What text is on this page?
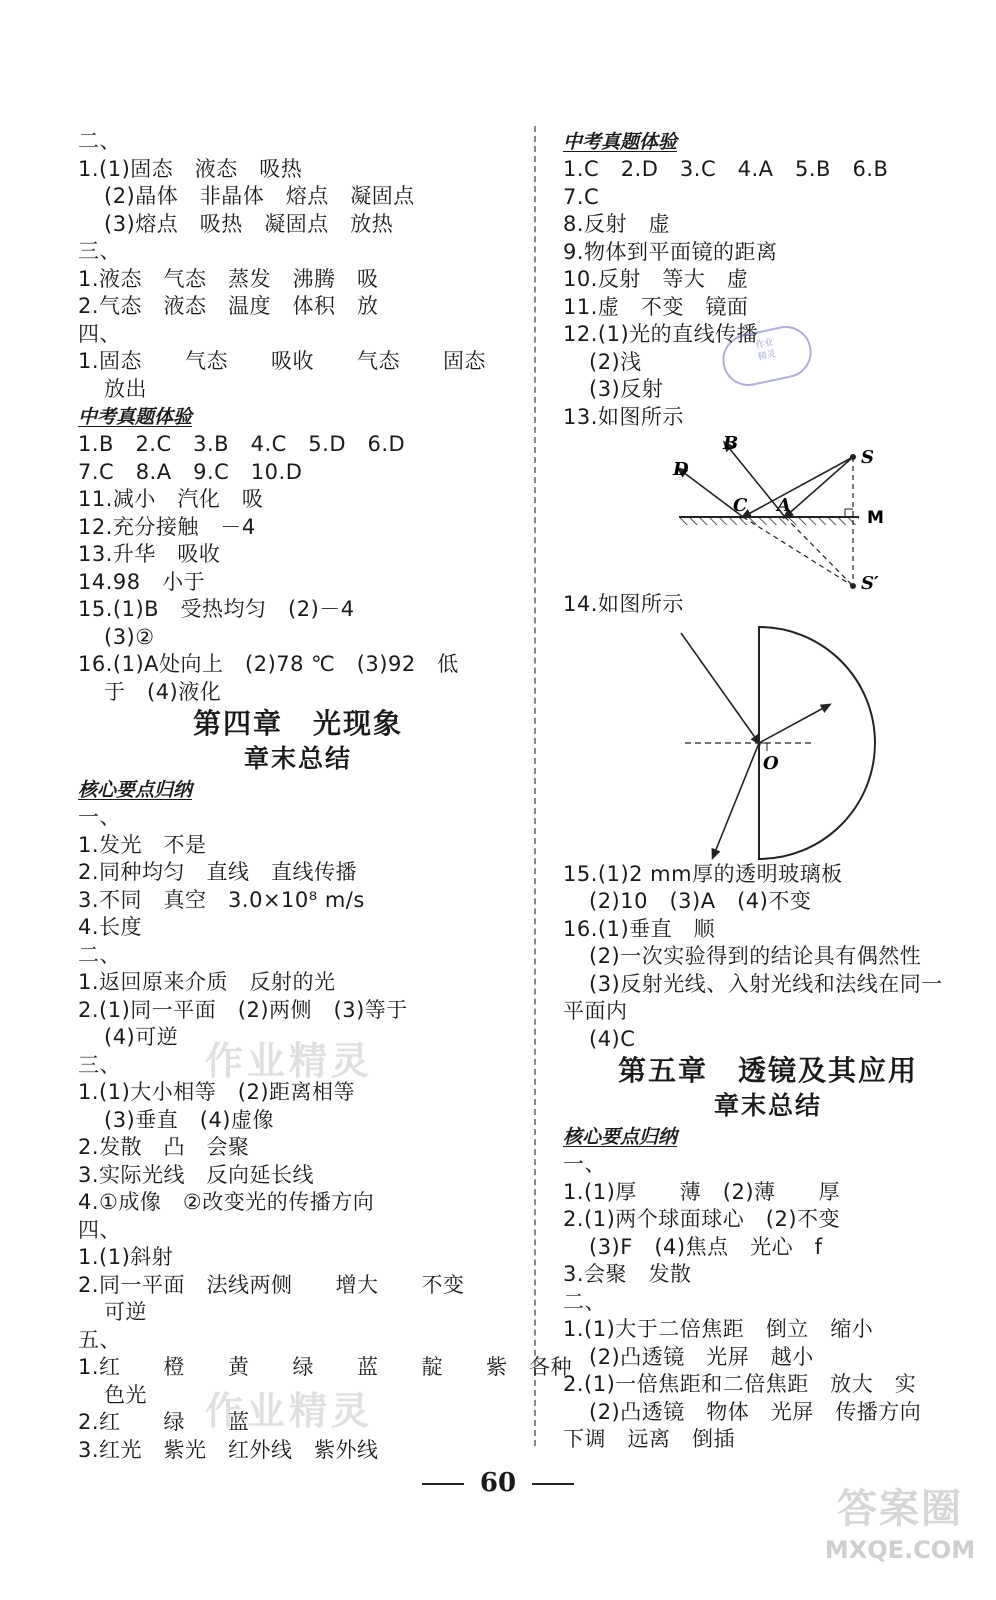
二、
1.(1)固态　液态　吸热
(2)晶体　非晶体　熔点　凝固点
(3)熔点　吸热　凝固点　放热
三、
1.液态　气态　蒸发　沸腾　吸
2.气态　液态　温度　体积　放
四、
1.固态　　气态　　吸收　　气态　　固态
放出
中考真题体验
1.B　2.C　3.B　4.C　5.D　6.D
7.C　8.A　9.C　10.D
11.减小　汽化　吸
12.充分接触　－4
13.升华　吸收
14.98　小于
15.(1)B　受热均匀　(2)－4
(3)②
16.(1)A处向上　(2)78 ℃　(3)92　低
于　(4)液化
第四章　光现象
章末总结
核心要点归纳
一、
1.发光　不是
2.同种均匀　直线　直线传播
3.不同　真空　3.0×10⁸ m/s
4.长度
二、
1.返回原来介质　反射的光
2.(1)同一平面　(2)两侧　(3)等于
(4)可逆
三、
1.(1)大小相等　(2)距离相等
(3)垂直　(4)虚像
2.发散　凸　会聚
3.实际光线　反向延长线
4.①成像　②改变光的传播方向
四、
1.(1)斜射
2.同一平面　法线两侧　　增大　　不变
可逆
五、
1.红　　橙　　黄　　绿　　蓝　　靛　　紫　各种
色光
2.红　　绿　　蓝
3.红光　紫光　红外线　紫外线
中考真题体验
1.C　2.D　3.C　4.A　5.B　6.B
7.C
8.反射　虚
9.物体到平面镜的距离
10.反射　等大　虚
11.虚　不变　镜面
12.(1)光的直线传播
(2)浅
(3)反射
13.如图所示
B
D
C A
S
M
S′
14.如图所示
O
15.(1)2 mm厚的透明玻璃板
(2)10　(3)A　(4)不变
16.(1)垂直　顺
(2)一次实验得到的结论具有偶然性
(3)反射光线、入射光线和法线在同一
平面内
(4)C
第五章　透镜及其应用
章末总结
核心要点归纳
一、
1.(1)厚　　薄　(2)薄　　厚
2.(1)两个球面球心　(2)不变
(3)F　(4)焦点　光心　f
3.会聚　发散
二、
1.(1)大于二倍焦距　倒立　缩小
(2)凸透镜　光屏　越小
2.(1)一倍焦距和二倍焦距　放大　实
(2)凸透镜　物体　光屏　传播方向
下调　远离　倒插
作业精灵
作业精灵
作业
精灵
60
答案圈
MXQE.COM
